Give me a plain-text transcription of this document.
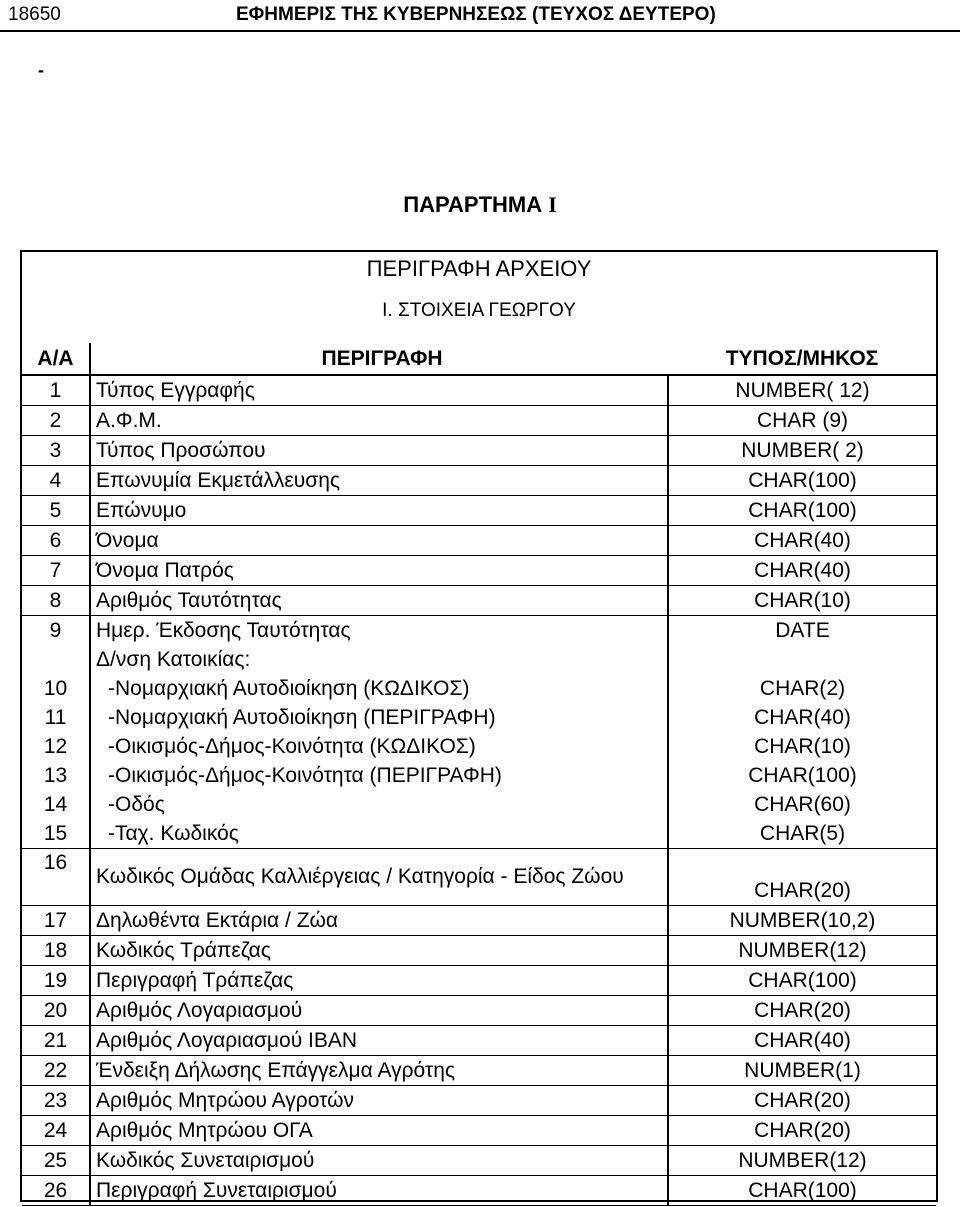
18650	ΕΦΗΜΕΡΙΣ ΤΗΣ ΚΥΒΕΡΝΗΣΕΩΣ (ΤΕΥΧΟΣ ΔΕΥΤΕΡΟ)
-
ΠΑΡΑΡΤΗΜΑ Ι
ΠΕΡΙΓΡΑΦΗ ΑΡΧΕΙΟΥ
Ι. ΣΤΟΙΧΕΙΑ ΓΕΩΡΓΟΥ
Α/Α	ΠΕΡΙΓΡΑΦΗ	ΤΥΠΟΣ/ΜΗΚΟΣ
1	Τύπος Εγγραφής	NUMBER( 12)
2	Α.Φ.Μ.	CHAR (9)
3	Τύπος Προσώπου	NUMBER( 2)
4	Επωνυμία Εκμετάλλευσης	CHAR(100)
5	Επώνυμο	CHAR(100)
6	Όνομα	CHAR(40)
7	Όνομα Πατρός	CHAR(40)
8	Αριθμός Ταυτότητας	CHAR(10)
9	Ημερ. Έκδοσης Ταυτότητας	DATE
	Δ/νση Κατοικίας:	
10	-Νομαρχιακή Αυτοδιοίκηση (ΚΩΔΙΚΟΣ)	CHAR(2)
11	-Νομαρχιακή Αυτοδιοίκηση (ΠΕΡΙΓΡΑΦΗ)	CHAR(40)
12	-Οικισμός-Δήμος-Κοινότητα (ΚΩΔΙΚΟΣ)	CHAR(10)
13	-Οικισμός-Δήμος-Κοινότητα (ΠΕΡΙΓΡΑΦΗ)	CHAR(100)
14	-Οδός	CHAR(60)
15	-Ταχ. Κωδικός	CHAR(5)
16	Κωδικός Ομάδας Καλλιέργειας / Κατηγορία - Είδος Ζώου	CHAR(20)
17	Δηλωθέντα Εκτάρια / Ζώα	NUMBER(10,2)
18	Κωδικός Τράπεζας	NUMBER(12)
19	Περιγραφή Τράπεζας	CHAR(100)
20	Αριθμός Λογαριασμού	CHAR(20)
21	Αριθμός Λογαριασμού IBAN	CHAR(40)
22	Ένδειξη Δήλωσης Επάγγελμα Αγρότης	NUMBER(1)
23	Αριθμός Μητρώου Αγροτών	CHAR(20)
24	Αριθμός Μητρώου ΟΓΑ	CHAR(20)
25	Κωδικός Συνεταιρισμού	NUMBER(12)
26	Περιγραφή Συνεταιρισμού	CHAR(100)
